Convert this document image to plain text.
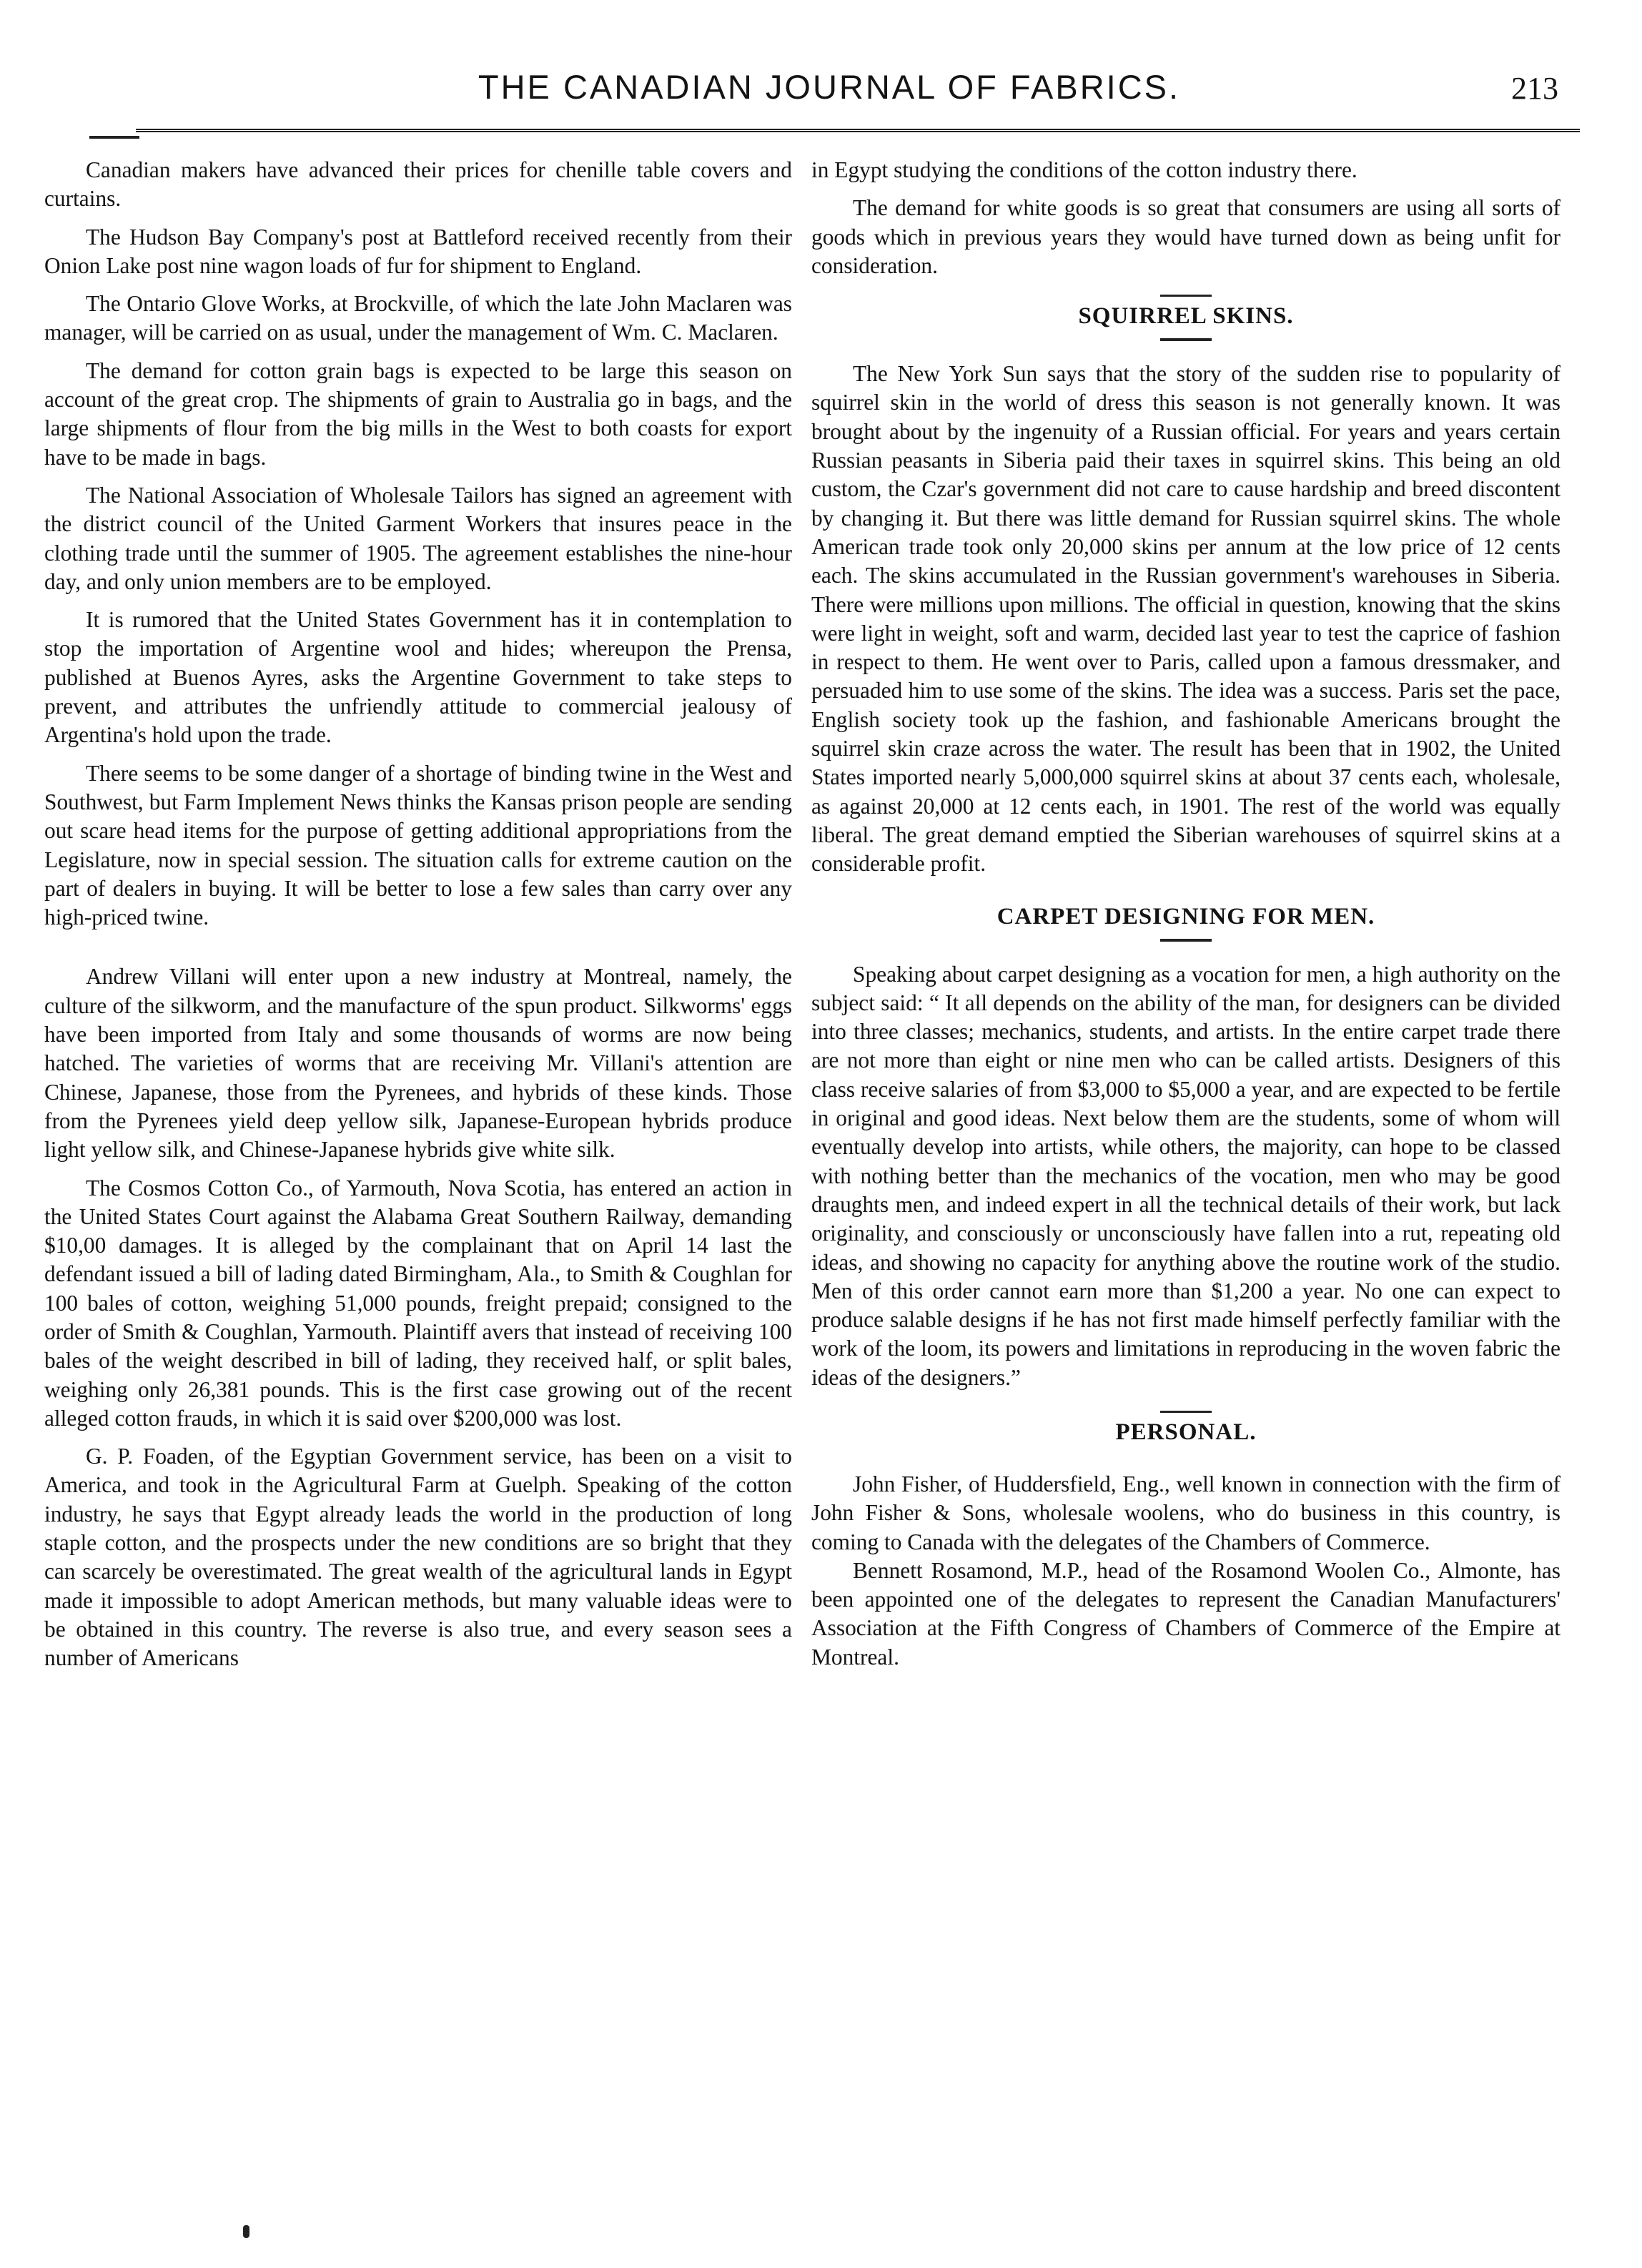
THE CANADIAN JOURNAL OF FABRICS.	213

Canadian makers have advanced their prices for chenille table covers and curtains.

The Hudson Bay Company's post at Battleford received recently from their Onion Lake post nine wagon loads of fur for shipment to England.

The Ontario Glove Works, at Brockville, of which the late John Maclaren was manager, will be carried on as usual, under the management of Wm. C. Maclaren.

The demand for cotton grain bags is expected to be large this season on account of the great crop. The shipments of grain to Australia go in bags, and the large shipments of flour from the big mills in the West to both coasts for export have to be made in bags.

The National Association of Wholesale Tailors has signed an agreement with the district council of the United Garment Workers that insures peace in the clothing trade until the summer of 1905. The agreement establishes the nine-hour day, and only union members are to be employed.

It is rumored that the United States Government has it in contemplation to stop the importation of Argentine wool and hides; whereupon the Prensa, published at Buenos Ayres, asks the Argentine Government to take steps to prevent, and attributes the unfriendly attitude to commercial jealousy of Argentina's hold upon the trade.

There seems to be some danger of a shortage of binding twine in the West and Southwest, but Farm Implement News thinks the Kansas prison people are sending out scare head items for the purpose of getting additional appropriations from the Legislature, now in special session. The situation calls for extreme caution on the part of dealers in buying. It will be better to lose a few sales than carry over any high-priced twine.

Andrew Villani will enter upon a new industry at Montreal, namely, the culture of the silkworm, and the manufacture of the spun product. Silkworms' eggs have been imported from Italy and some thousands of worms are now being hatched. The varieties of worms that are receiving Mr. Villani's attention are Chinese, Japanese, those from the Pyrenees, and hybrids of these kinds. Those from the Pyrenees yield deep yellow silk, Japanese-European hybrids produce light yellow silk, and Chinese-Japanese hybrids give white silk.

The Cosmos Cotton Co., of Yarmouth, Nova Scotia, has entered an action in the United States Court against the Alabama Great Southern Railway, demanding $10,00 damages. It is alleged by the complainant that on April 14 last the defendant issued a bill of lading dated Birmingham, Ala., to Smith & Coughlan for 100 bales of cotton, weighing 51,000 pounds, freight prepaid; consigned to the order of Smith & Coughlan, Yarmouth. Plaintiff avers that instead of receiving 100 bales of the weight described in bill of lading, they received half, or split bales, weighing only 26,381 pounds. This is the first case growing out of the recent alleged cotton frauds, in which it is said over $200,000 was lost.

G. P. Foaden, of the Egyptian Government service, has been on a visit to America, and took in the Agricultural Farm at Guelph. Speaking of the cotton industry, he says that Egypt already leads the world in the production of long staple cotton, and the prospects under the new conditions are so bright that they can scarcely be overestimated. The great wealth of the agricultural lands in Egypt made it impossible to adopt American methods, but many valuable ideas were to be obtained in this country. The reverse is also true, and every season sees a number of Americans

in Egypt studying the conditions of the cotton industry there.

The demand for white goods is so great that consumers are using all sorts of goods which in previous years they would have turned down as being unfit for consideration.

SQUIRREL SKINS.

The New York Sun says that the story of the sudden rise to popularity of squirrel skin in the world of dress this season is not generally known. It was brought about by the ingenuity of a Russian official. For years and years certain Russian peasants in Siberia paid their taxes in squirrel skins. This being an old custom, the Czar's government did not care to cause hardship and breed discontent by changing it. But there was little demand for Russian squirrel skins. The whole American trade took only 20,000 skins per annum at the low price of 12 cents each. The skins accumulated in the Russian government's warehouses in Siberia. There were millions upon millions. The official in question, knowing that the skins were light in weight, soft and warm, decided last year to test the caprice of fashion in respect to them. He went over to Paris, called upon a famous dressmaker, and persuaded him to use some of the skins. The idea was a success. Paris set the pace, English society took up the fashion, and fashionable Americans brought the squirrel skin craze across the water. The result has been that in 1902, the United States imported nearly 5,000,000 squirrel skins at about 37 cents each, wholesale, as against 20,000 at 12 cents each, in 1901. The rest of the world was equally liberal. The great demand emptied the Siberian warehouses of squirrel skins at a considerable profit.

CARPET DESIGNING FOR MEN.

Speaking about carpet designing as a vocation for men, a high authority on the subject said: “ It all depends on the ability of the man, for designers can be divided into three classes; mechanics, students, and artists. In the entire carpet trade there are not more than eight or nine men who can be called artists. Designers of this class receive salaries of from $3,000 to $5,000 a year, and are expected to be fertile in original and good ideas. Next below them are the students, some of whom will eventually develop into artists, while others, the majority, can hope to be classed with nothing better than the mechanics of the vocation, men who may be good draughts men, and indeed expert in all the technical details of their work, but lack originality, and consciously or unconsciously have fallen into a rut, repeating old ideas, and showing no capacity for anything above the routine work of the studio. Men of this order cannot earn more than $1,200 a year. No one can expect to produce salable designs if he has not first made himself perfectly familiar with the work of the loom, its powers and limitations in reproducing in the woven fabric the ideas of the designers.”

PERSONAL.

John Fisher, of Huddersfield, Eng., well known in connection with the firm of John Fisher & Sons, wholesale woolens, who do business in this country, is coming to Canada with the delegates of the Chambers of Commerce.

Bennett Rosamond, M.P., head of the Rosamond Woolen Co., Almonte, has been appointed one of the delegates to represent the Canadian Manufacturers' Association at the Fifth Congress of Chambers of Commerce of the Empire at Montreal.
